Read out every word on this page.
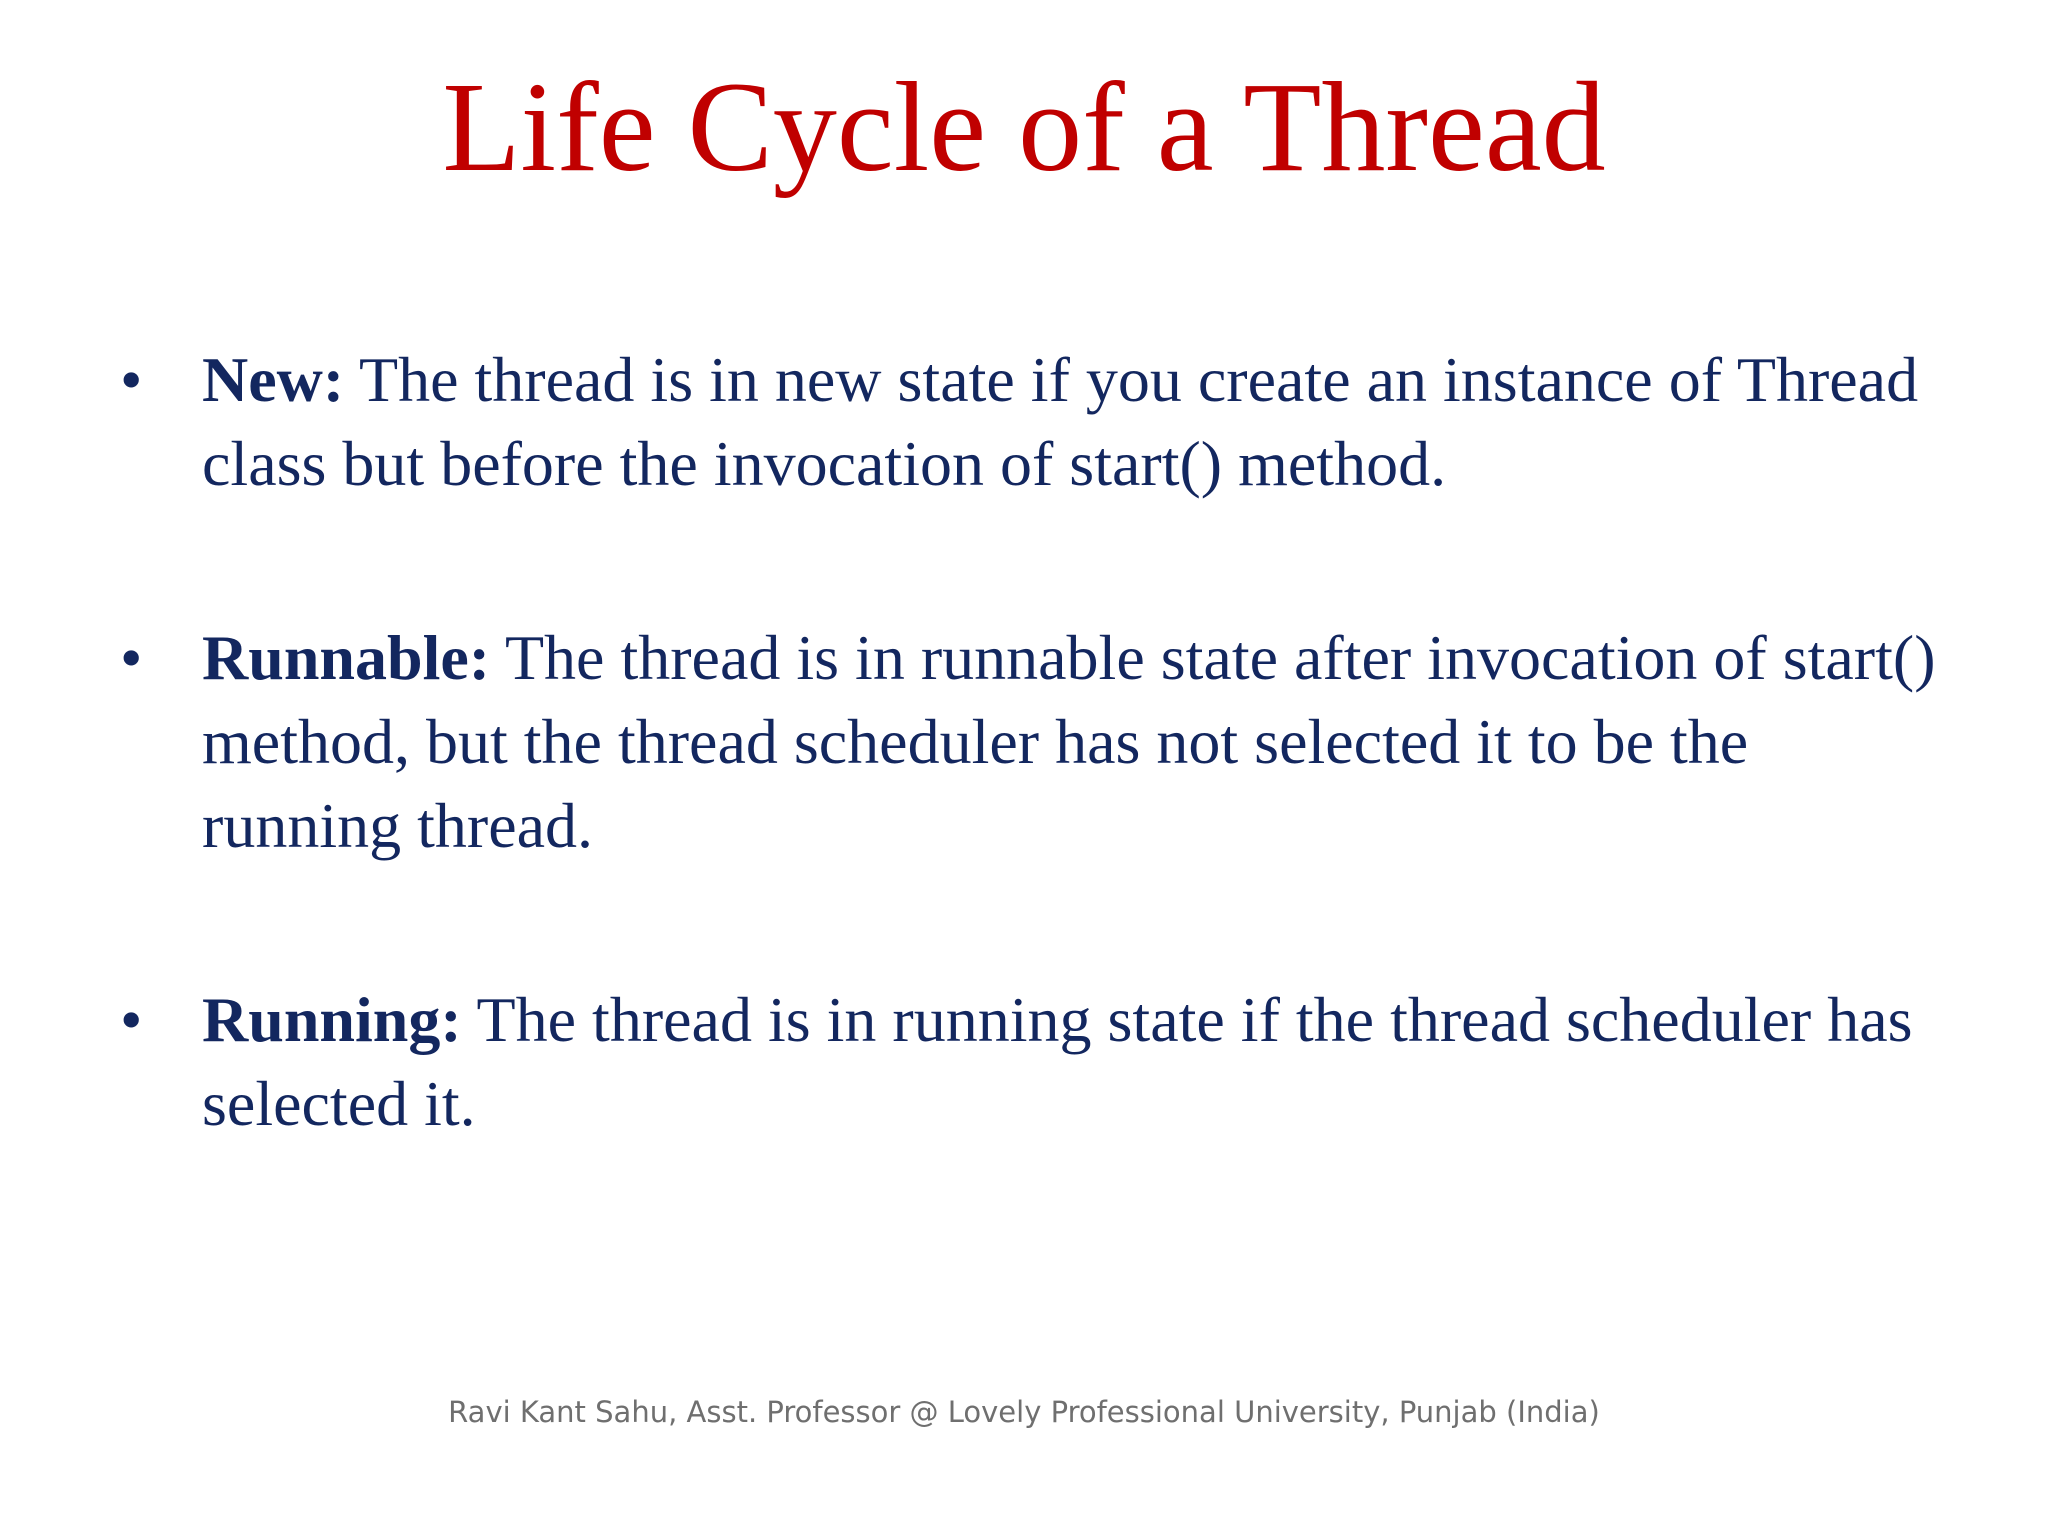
Life Cycle of a Thread
• New: The thread is in new state if you create an instance of Thread class but before the invocation of start() method.
• Runnable: The thread is in runnable state after invocation of start() method, but the thread scheduler has not selected it to be the running thread.
• Running: The thread is in running state if the thread scheduler has selected it.
Ravi Kant Sahu, Asst. Professor @ Lovely Professional University, Punjab (India)
